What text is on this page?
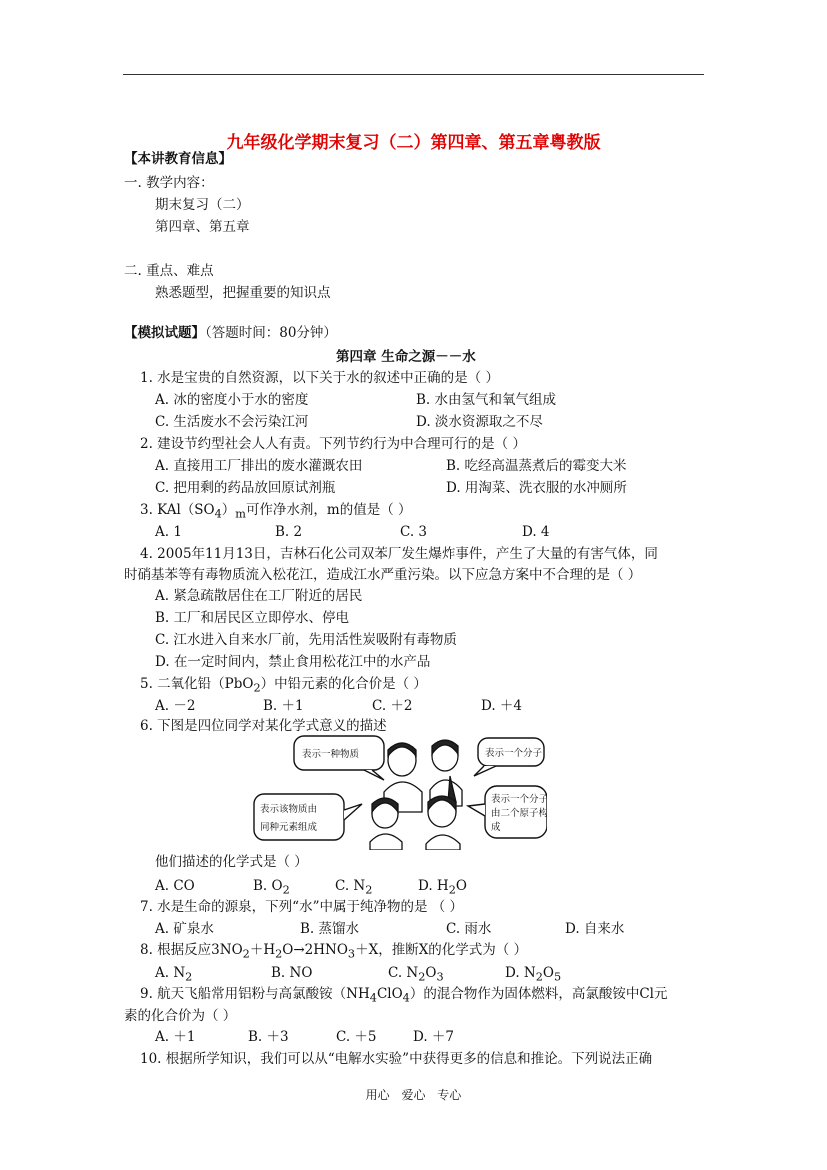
九年级化学期末复习（二）第四章、第五章粤教版
【本讲教育信息】
一. 教学内容：
期末复习（二）
第四章、第五章
二. 重点、难点
熟悉题型，把握重要的知识点
【模拟试题】（答题时间：80分钟）
第四章 生命之源－－水
1. 水是宝贵的自然资源，以下关于水的叙述中正确的是（ ）
A. 冰的密度小于水的密度	B. 水由氢气和氧气组成
C. 生活废水不会污染江河	D. 淡水资源取之不尽
2. 建设节约型社会人人有责。下列节约行为中合理可行的是（ ）
A. 直接用工厂排出的废水灌溉农田	B. 吃经高温蒸煮后的霉变大米
C. 把用剩的药品放回原试剂瓶	D. 用淘菜、洗衣服的水冲厕所
3. $KAl(SO_4)_m$可作净水剂，m的值是（ ）
A. 1	B. 2	C. 3	D. 4
4. 2005年11月13日，吉林石化公司双苯厂发生爆炸事件，产生了大量的有害气体，同
时硝基苯等有毒物质流入松花江，造成江水严重污染。以下应急方案中不合理的是（ ）
A. 紧急疏散居住在工厂附近的居民
B. 工厂和居民区立即停水、停电
C. 江水进入自来水厂前，先用活性炭吸附有毒物质
D. 在一定时间内，禁止食用松花江中的水产品
5. 二氧化铅（PbO$_2$）中铅元素的化合价是（ ）
A. －2	B. ＋1	C. ＋2	D. ＋4
6. 下图是四位同学对某化学式意义的描述
表示一种物质	表示一个分子
表示该物质由
同种元素组成
表示一个分子
由二个原子构
成
他们描述的化学式是（ ）
A. CO	B. $O_2$	C. $N_2$	D. $H_2O$
7. 水是生命的源泉，下列“水”中属于纯净物的是 （ ）
A. 矿泉水	B. 蒸馏水	C. 雨水	D. 自来水
8. 根据反应$3NO_2+H_2O\to 2HNO_3+X$，推断X的化学式为（ ）
A. $N_2$	B. NO	C. $N_2O_3$	D. $N_2O_5$
9. 航天飞船常用铝粉与高氯酸铵$(NH_4ClO_4)$的混合物作为固体燃料，高氯酸铵中Cl元
素的化合价为（ ）
A. ＋1	B. ＋3	C. ＋5	D. ＋7
10. 根据所学知识，我们可以从“电解水实验”中获得更多的信息和推论。下列说法正确
用心 爱心 专心
